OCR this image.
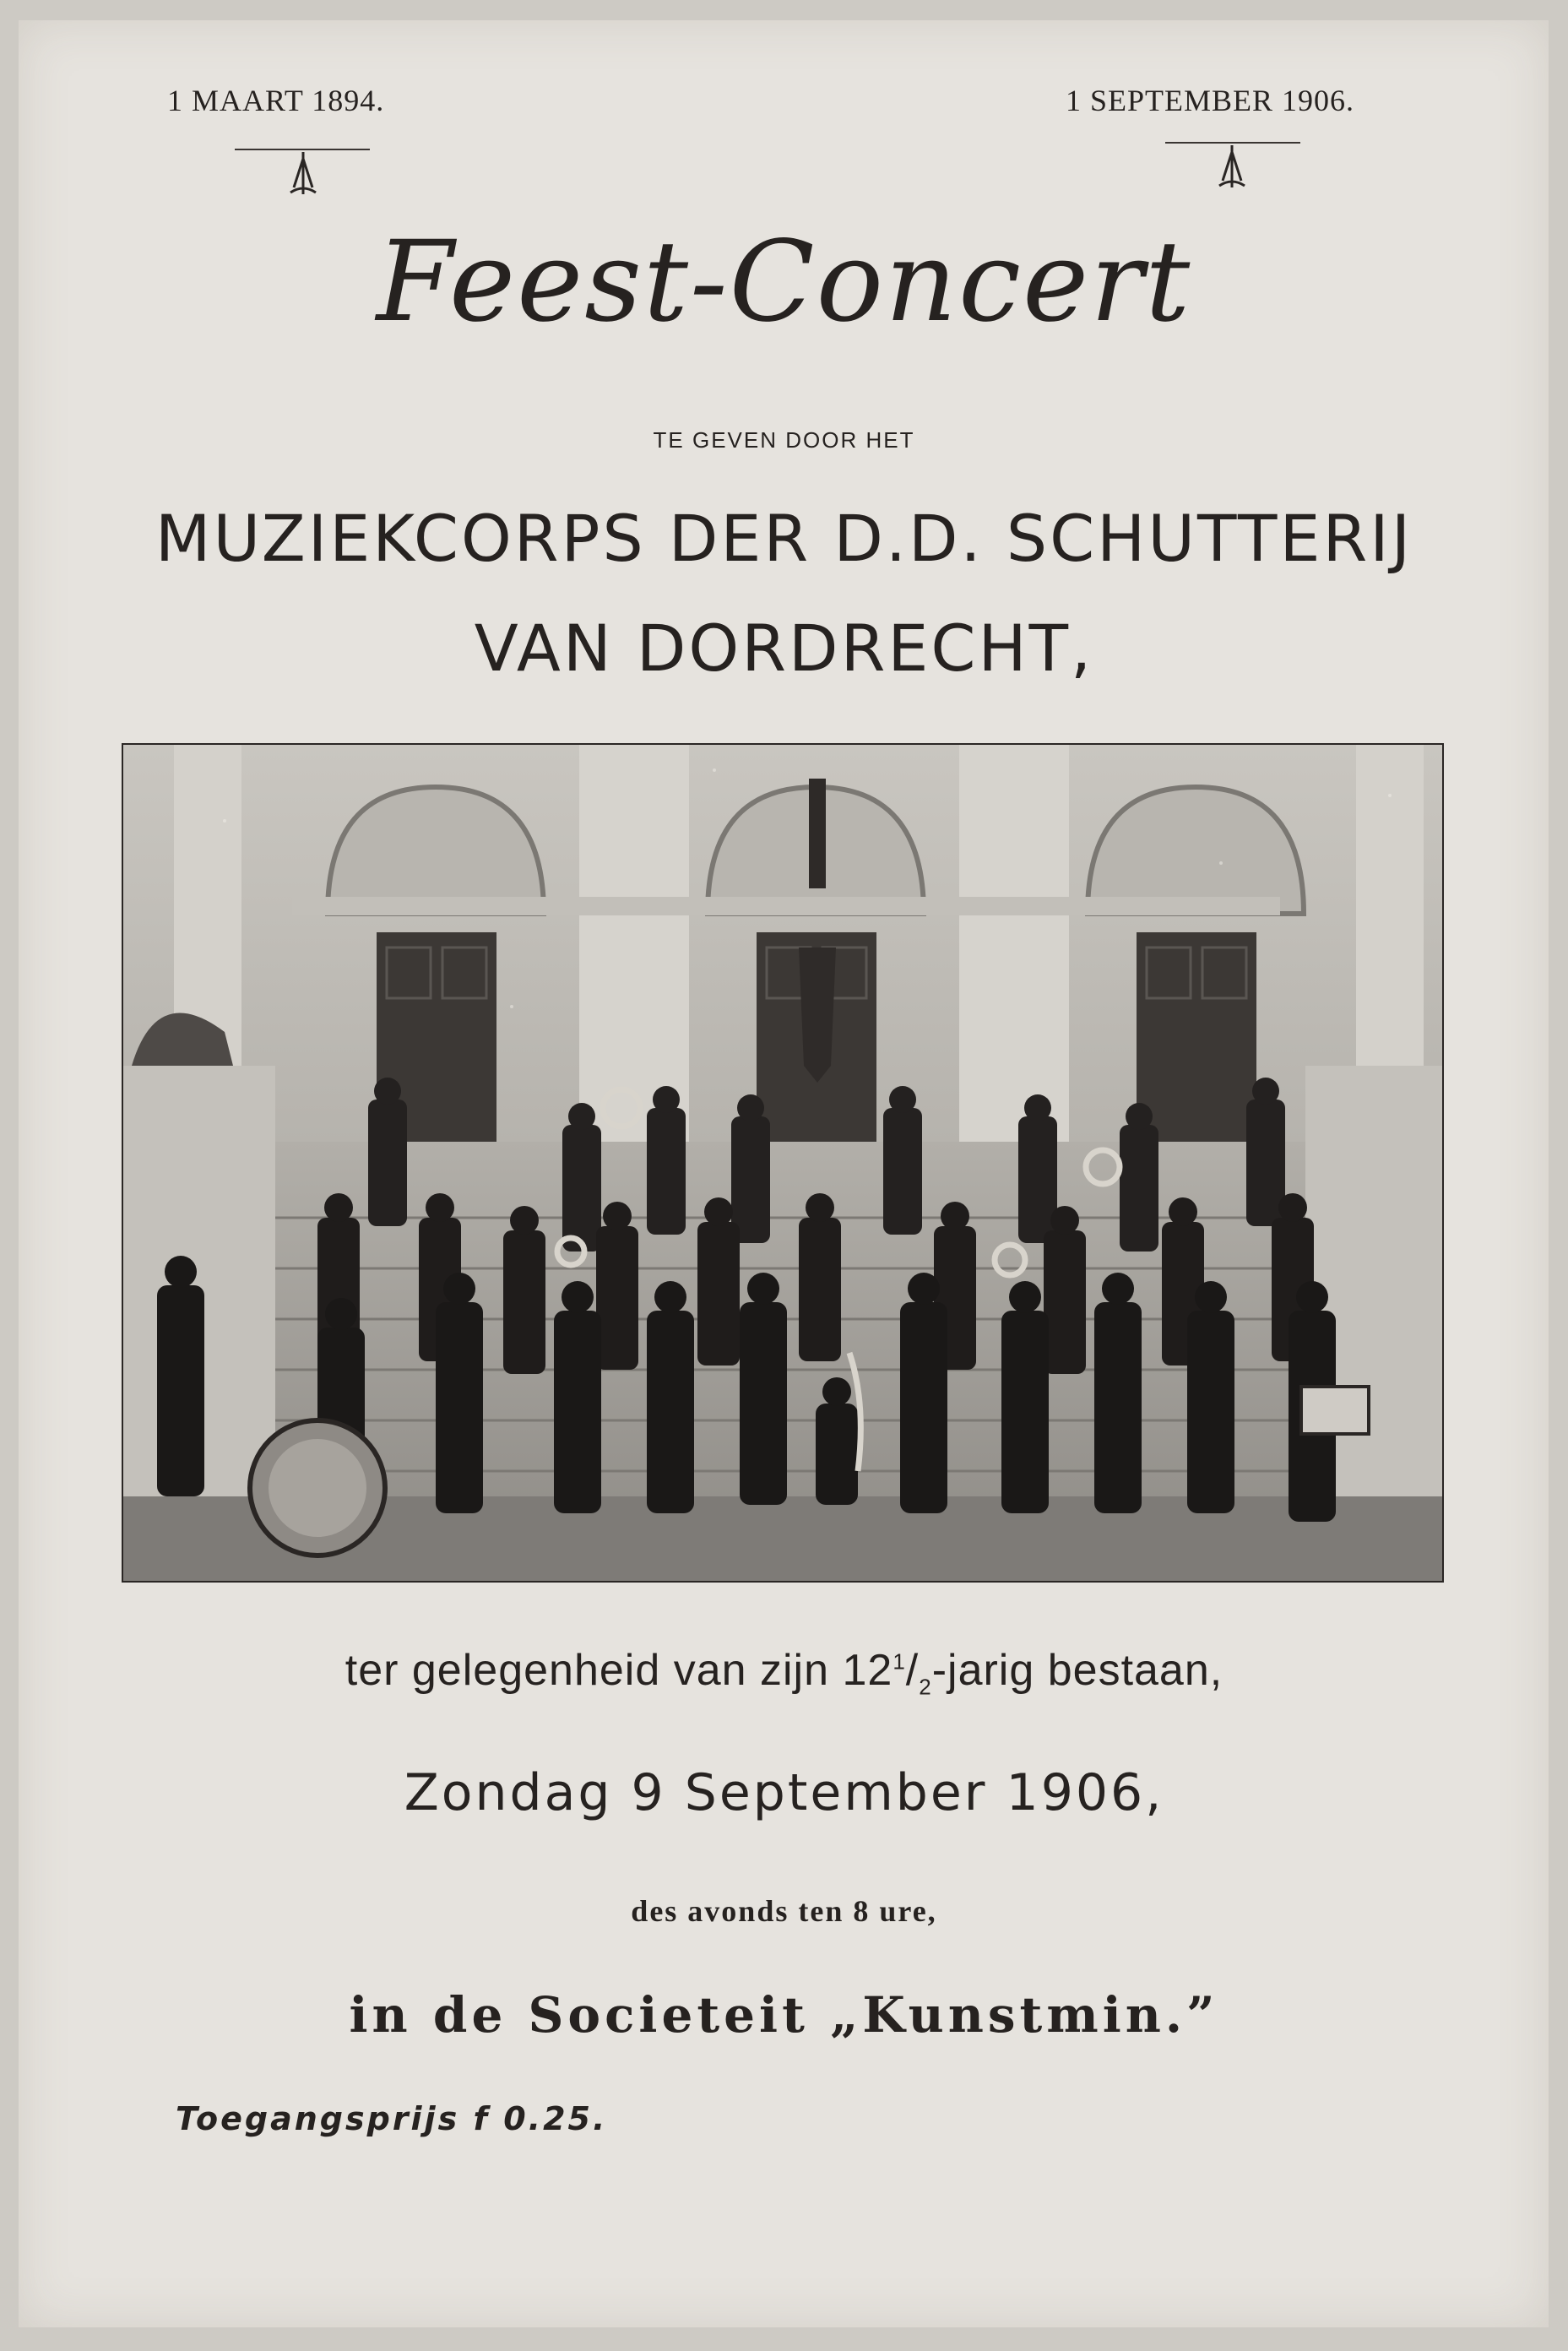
1 MAART 1894.	1 SEPTEMBER 1906.
Feest-Concert
TE GEVEN DOOR HET
MUZIEKCORPS DER D.D. SCHUTTERIJ
VAN DORDRECHT,
ter gelegenheid van zijn $12^1/_2$-jarig bestaan,
Zondag 9 September 1906,
des avonds ten 8 ure,
in de Societeit „Kunstmin.”
Toegangsprijs f 0.25.
